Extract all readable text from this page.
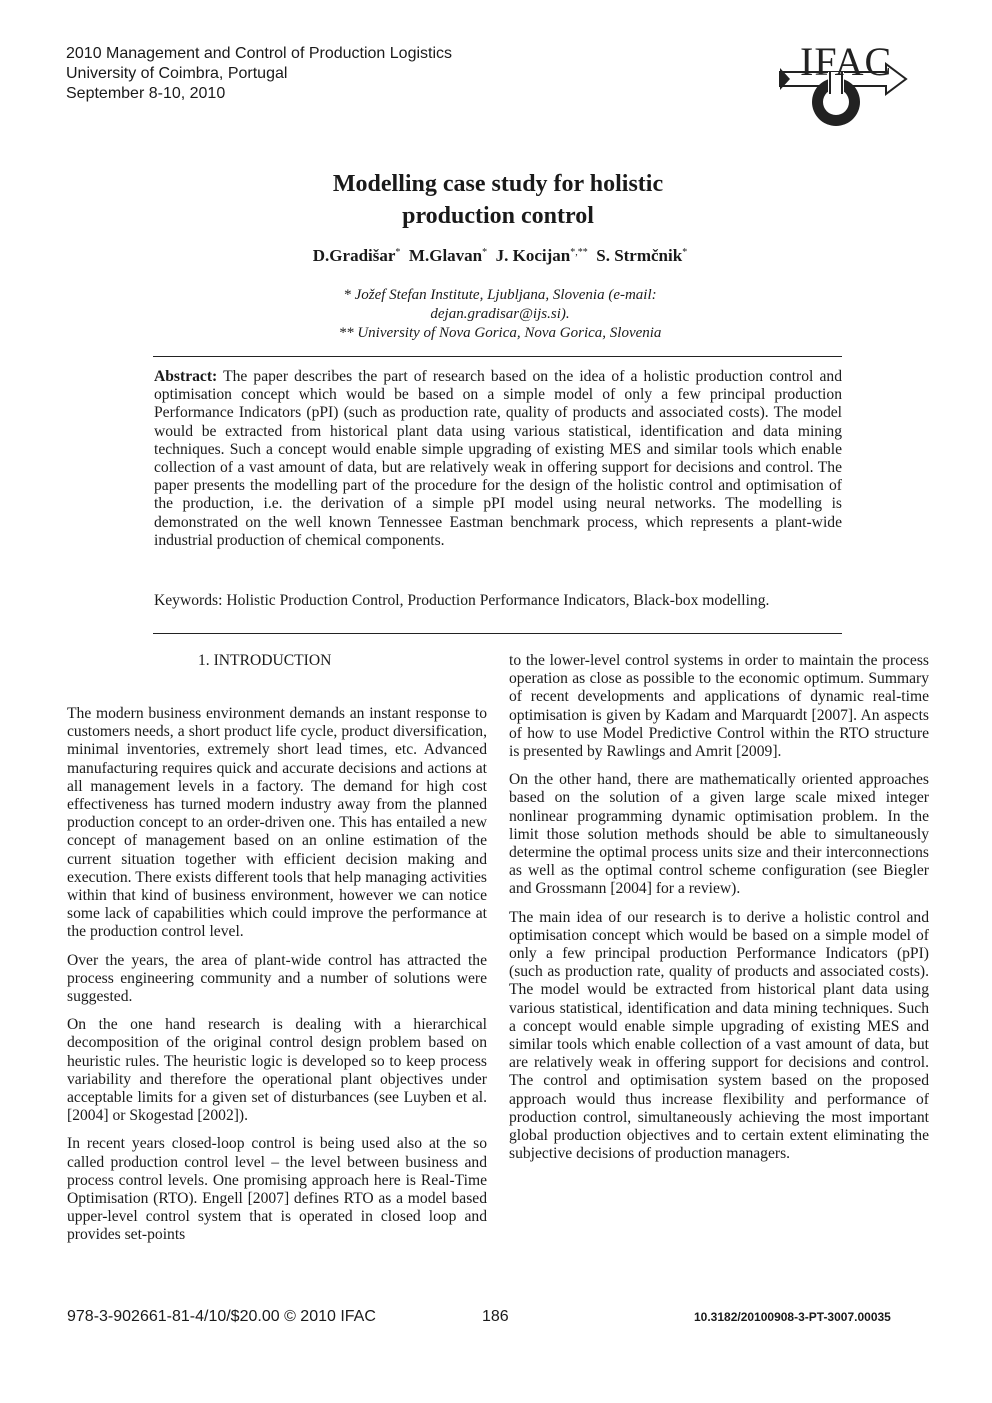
2010 Management and Control of Production Logistics
University of Coimbra, Portugal
September 8-10, 2010
IFAC
Modelling case study for holistic
production control
D.Gradišar* M.Glavan* J. Kocijan*,** S. Strmčnik*
* Jožef Stefan Institute, Ljubljana, Slovenia (e-mail:
dejan.gradisar@ijs.si).
** University of Nova Gorica, Nova Gorica, Slovenia
Abstract: The paper describes the part of research based on the idea of a holistic production control and optimisation concept which would be based on a simple model of only a few principal production Performance Indicators (pPI) (such as production rate, quality of products and associated costs). The model would be extracted from historical plant data using various statistical, identification and data mining techniques. Such a concept would enable simple upgrading of existing MES and similar tools which enable collection of a vast amount of data, but are relatively weak in offering support for decisions and control. The paper presents the modelling part of the procedure for the design of the holistic control and optimisation of the production, i.e. the derivation of a simple pPI model using neural networks. The modelling is demonstrated on the well known Tennessee Eastman benchmark process, which represents a plant-wide industrial production of chemical components.
Keywords: Holistic Production Control, Production Performance Indicators, Black-box modelling.
1. INTRODUCTION

The modern business environment demands an instant response to customers needs, a short product life cycle, product diversification, minimal inventories, extremely short lead times, etc. Advanced manufacturing requires quick and accurate decisions and actions at all management levels in a factory. The demand for high cost effectiveness has turned modern industry away from the planned production concept to an order-driven one. This has entailed a new concept of management based on an online estimation of the current situation together with efficient decision making and execution. There exists different tools that help managing activities within that kind of business environment, however we can notice some lack of capabilities which could improve the performance at the production control level.

Over the years, the area of plant-wide control has attracted the process engineering community and a number of solutions were suggested.

On the one hand research is dealing with a hierarchical decomposition of the original control design problem based on heuristic rules. The heuristic logic is developed so to keep process variability and therefore the operational plant objectives under acceptable limits for a given set of disturbances (see Luyben et al. [2004] or Skogestad [2002]).

In recent years closed-loop control is being used also at the so called production control level – the level between business and process control levels. One promising approach here is Real-Time Optimisation (RTO). Engell [2007] defines RTO as a model based upper-level control system that is operated in closed loop and provides set-points

to the lower-level control systems in order to maintain the process operation as close as possible to the economic optimum. Summary of recent developments and applications of dynamic real-time optimisation is given by Kadam and Marquardt [2007]. An aspects of how to use Model Predictive Control within the RTO structure is presented by Rawlings and Amrit [2009].

On the other hand, there are mathematically oriented approaches based on the solution of a given large scale mixed integer nonlinear programming dynamic optimisation problem. In the limit those solution methods should be able to simultaneously determine the optimal process units size and their interconnections as well as the optimal control scheme configuration (see Biegler and Grossmann [2004] for a review).

The main idea of our research is to derive a holistic control and optimisation concept which would be based on a simple model of only a few principal production Performance Indicators (pPI) (such as production rate, quality of products and associated costs). The model would be extracted from historical plant data using various statistical, identification and data mining techniques. Such a concept would enable simple upgrading of existing MES and similar tools which enable collection of a vast amount of data, but are relatively weak in offering support for decisions and control. The control and optimisation system based on the proposed approach would thus increase flexibility and performance of production control, simultaneously achieving the most important global production objectives and to certain extent eliminating the subjective decisions of production managers.

978-3-902661-81-4/10/$20.00 © 2010 IFAC	186	10.3182/20100908-3-PT-3007.00035
